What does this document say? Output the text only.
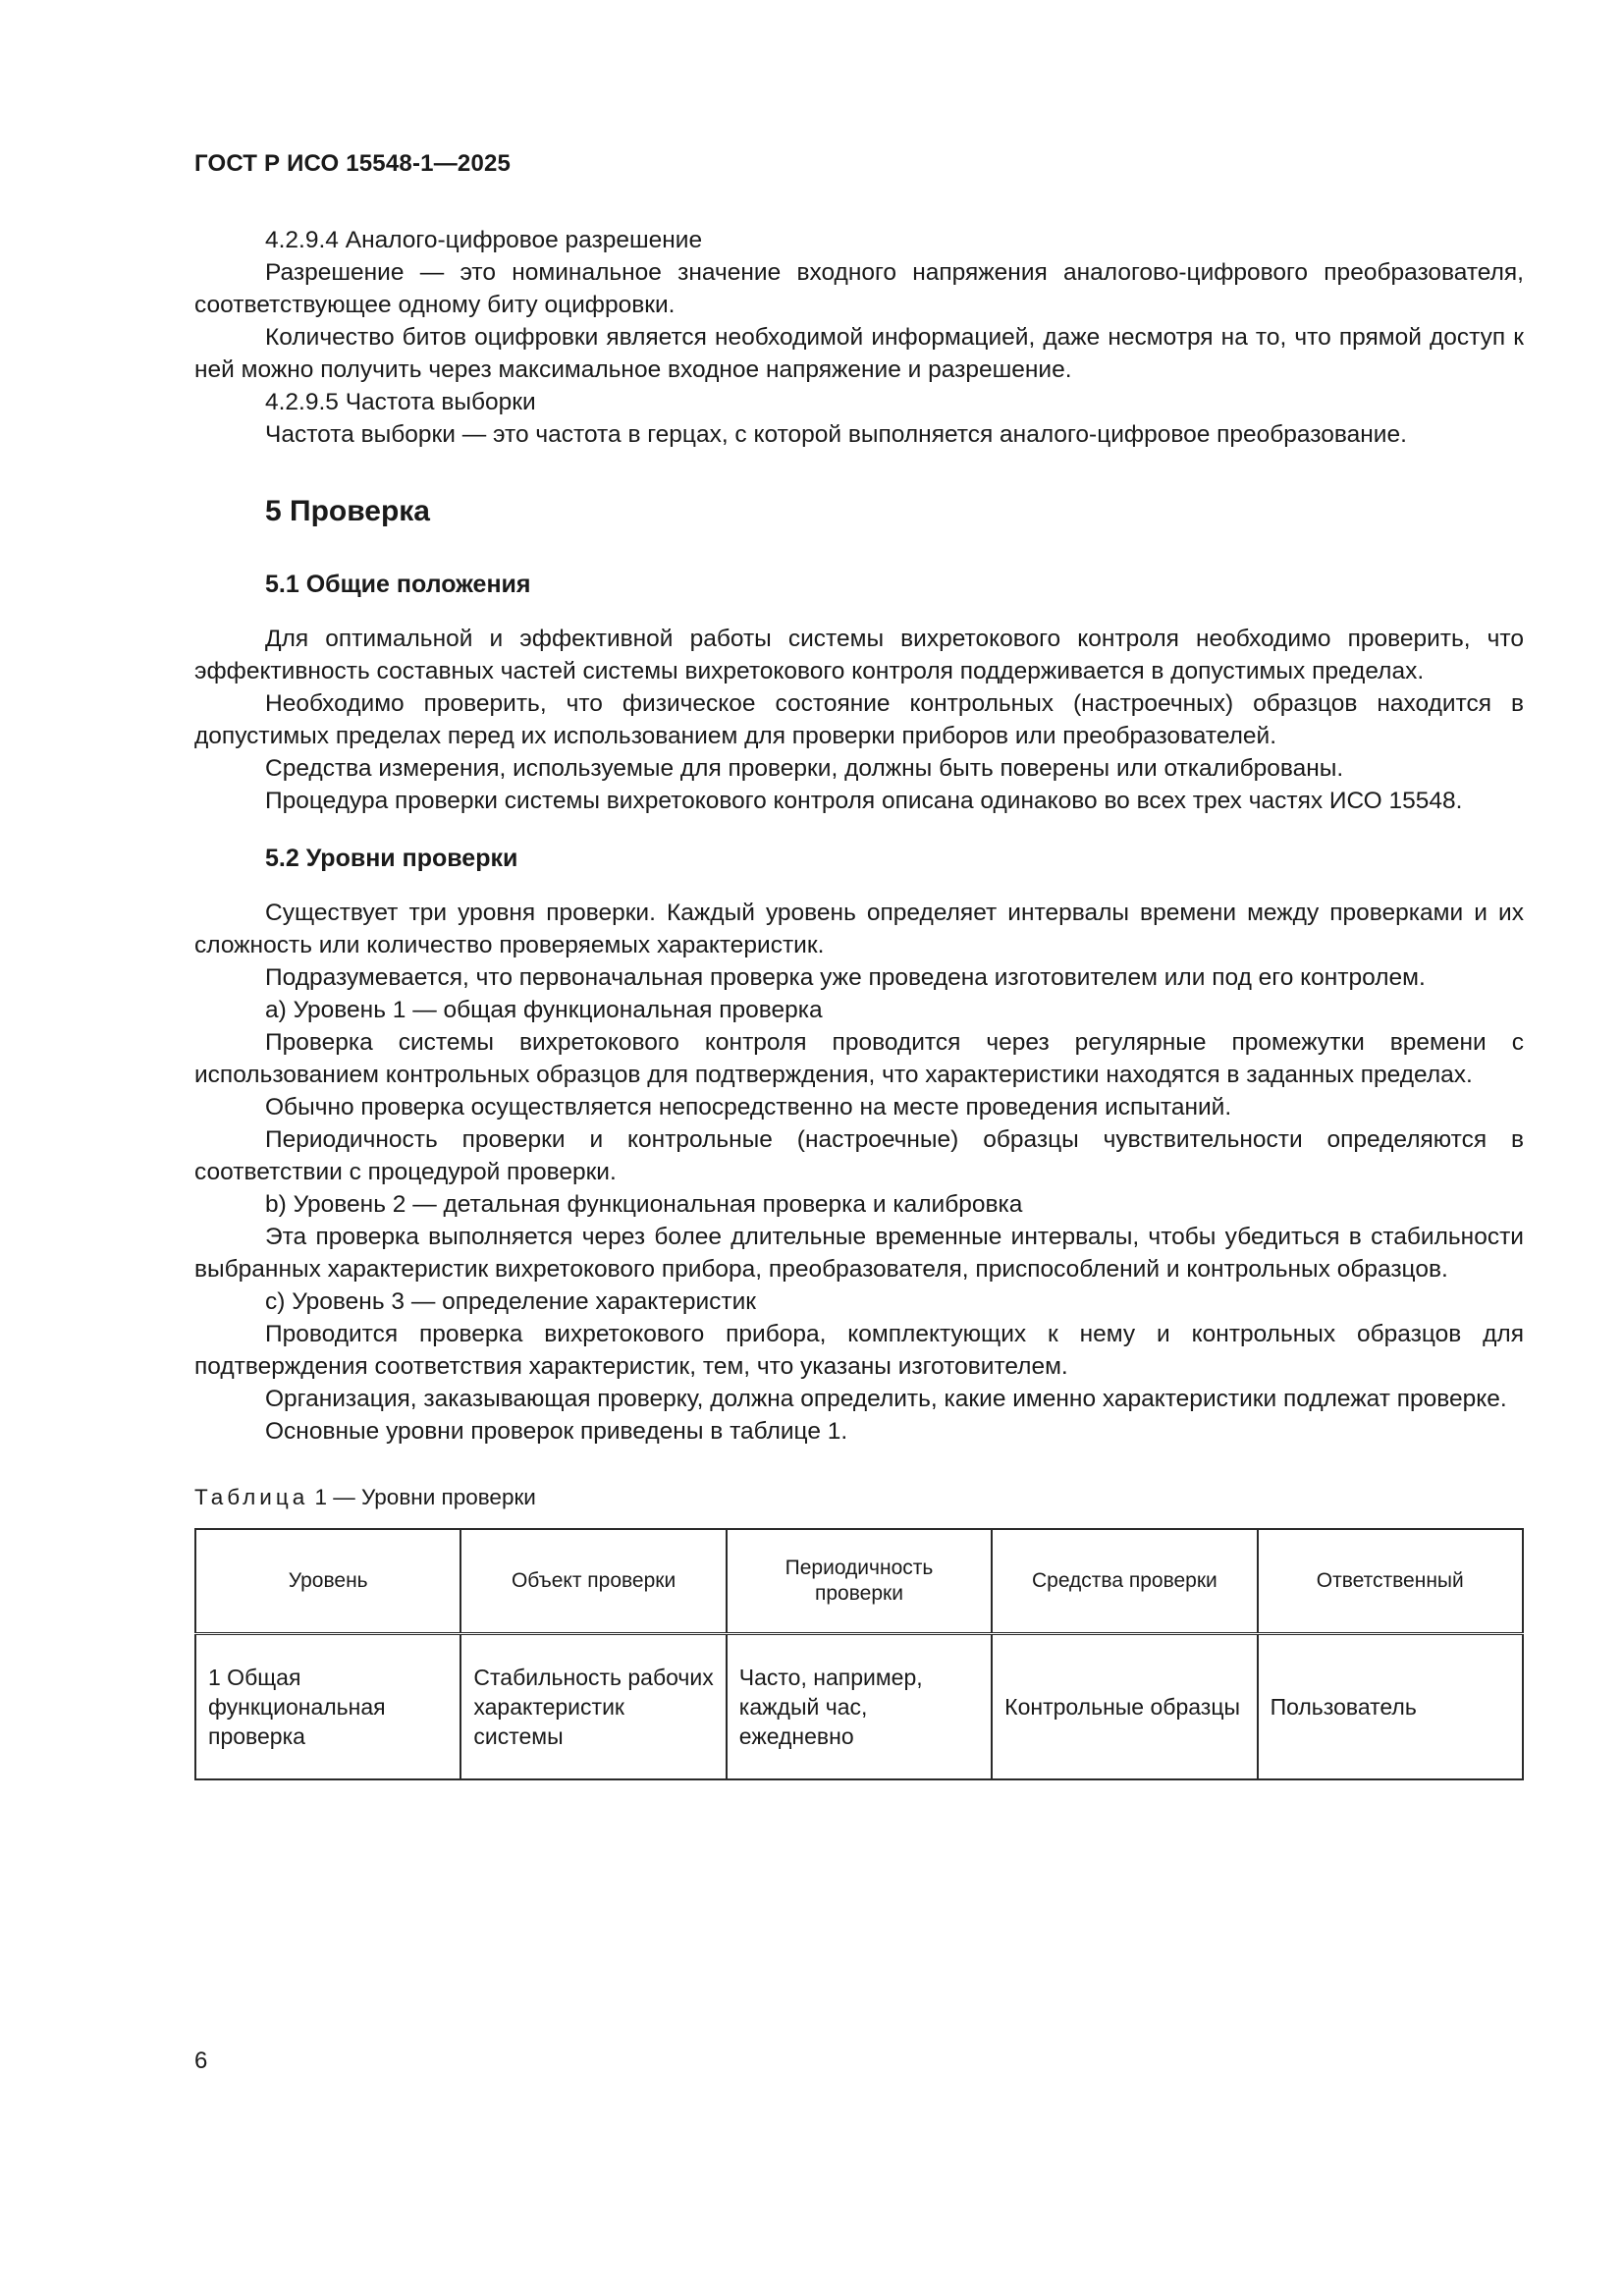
ГОСТ Р ИСО 15548-1—2025

4.2.9.4 Аналого-цифровое разрешение

Разрешение — это номинальное значение входного напряжения аналогово-цифрового преобразователя, соответствующее одному биту оцифровки.

Количество битов оцифровки является необходимой информацией, даже несмотря на то, что прямой доступ к ней можно получить через максимальное входное напряжение и разрешение.

4.2.9.5 Частота выборки

Частота выборки — это частота в герцах, с которой выполняется аналого-цифровое преобразование.

5 Проверка

5.1 Общие положения

Для оптимальной и эффективной работы системы вихретокового контроля необходимо проверить, что эффективность составных частей системы вихретокового контроля поддерживается в допустимых пределах.

Необходимо проверить, что физическое состояние контрольных (настроечных) образцов находится в допустимых пределах перед их использованием для проверки приборов или преобразователей.

Средства измерения, используемые для проверки, должны быть поверены или откалиброваны.

Процедура проверки системы вихретокового контроля описана одинаково во всех трех частях ИСО 15548.

5.2 Уровни проверки

Существует три уровня проверки. Каждый уровень определяет интервалы времени между проверками и их сложность или количество проверяемых характеристик.

Подразумевается, что первоначальная проверка уже проведена изготовителем или под его контролем.

a) Уровень 1 — общая функциональная проверка

Проверка системы вихретокового контроля проводится через регулярные промежутки времени с использованием контрольных образцов для подтверждения, что характеристики находятся в заданных пределах.

Обычно проверка осуществляется непосредственно на месте проведения испытаний.

Периодичность проверки и контрольные (настроечные) образцы чувствительности определяются в соответствии с процедурой проверки.

b) Уровень 2 — детальная функциональная проверка и калибровка

Эта проверка выполняется через более длительные временные интервалы, чтобы убедиться в стабильности выбранных характеристик вихретокового прибора, преобразователя, приспособлений и контрольных образцов.

c) Уровень 3 — определение характеристик

Проводится проверка вихретокового прибора, комплектующих к нему и контрольных образцов для подтверждения соответствия характеристик, тем, что указаны изготовителем.

Организация, заказывающая проверку, должна определить, какие именно характеристики подлежат проверке.

Основные уровни проверок приведены в таблице 1.

Таблица 1 — Уровни проверки

Уровень	Объект проверки	Периодичность проверки	Средства проверки	Ответственный
1 Общая функциональная проверка	Стабильность рабочих характеристик системы	Часто, например, каждый час, ежедневно	Контрольные образцы	Пользователь
6
